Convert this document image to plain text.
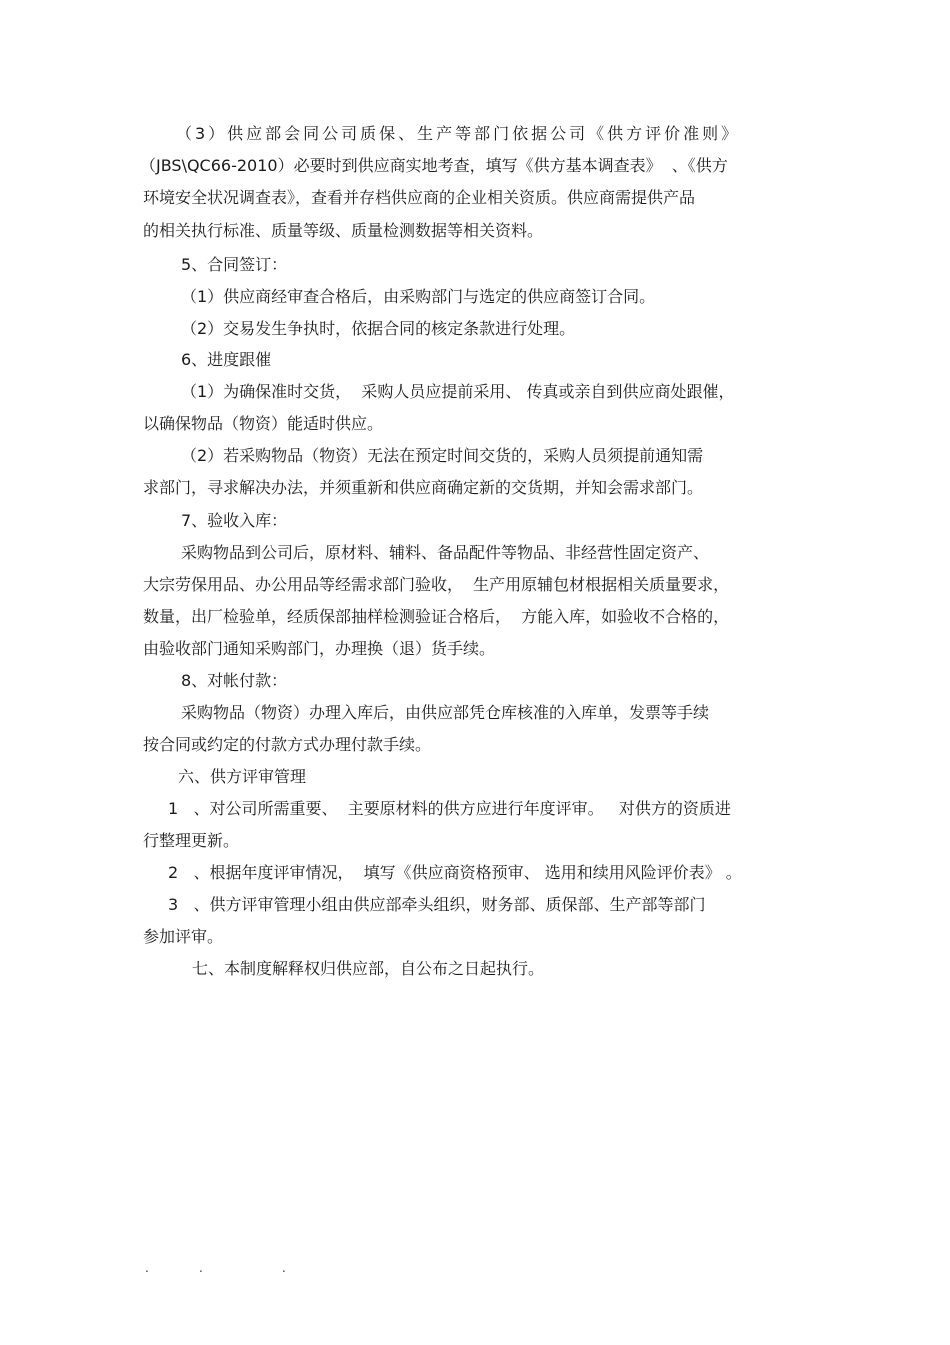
（3）供应部会同公司质保、生产等部门依据公司《供方评价准则》

（JBS\QC66-2010）必要时到供应商实地考查，填写《供方基本调查表》  、《供方

环境安全状况调查表》，查看并存档供应商的企业相关资质。供应商需提供产品

的相关执行标准、质量等级、质量检测数据等相关资料。

5、合同签订：

（1）供应商经审查合格后，由采购部门与选定的供应商签订合同。

（2）交易发生争执时，依据合同的核定条款进行处理。

6、进度跟催

（1）为确保准时交货，  采购人员应提前采用、 传真或亲自到供应商处跟催，

以确保物品（物资）能适时供应。

（2）若采购物品（物资）无法在预定时间交货的，采购人员须提前通知需

求部门，寻求解决办法，并须重新和供应商确定新的交货期，并知会需求部门。

7、验收入库：

采购物品到公司后，原材料、辅料、备品配件等物品、非经营性固定资产、

大宗劳保用品、办公用品等经需求部门验收，  生产用原辅包材根据相关质量要求，

数量，出厂检验单，经质保部抽样检测验证合格后，  方能入库，如验收不合格的，

由验收部门通知采购部门，办理换（退）货手续。

8、对帐付款：

采购物品（物资）办理入库后，由供应部凭仓库核准的入库单，发票等手续

按合同或约定的付款方式办理付款手续。

六、供方评审管理

1   、对公司所需重要、  主要原材料的供方应进行年度评审。   对供方的资质进

行整理更新。

2   、根据年度评审情况，  填写《供应商资格预审、 选用和续用风险评价表》 。

3   、供方评审管理小组由供应部牵头组织，财务部、质保部、生产部等部门

参加评审。

七、本制度解释权归供应部，自公布之日起执行。

.	.	.
